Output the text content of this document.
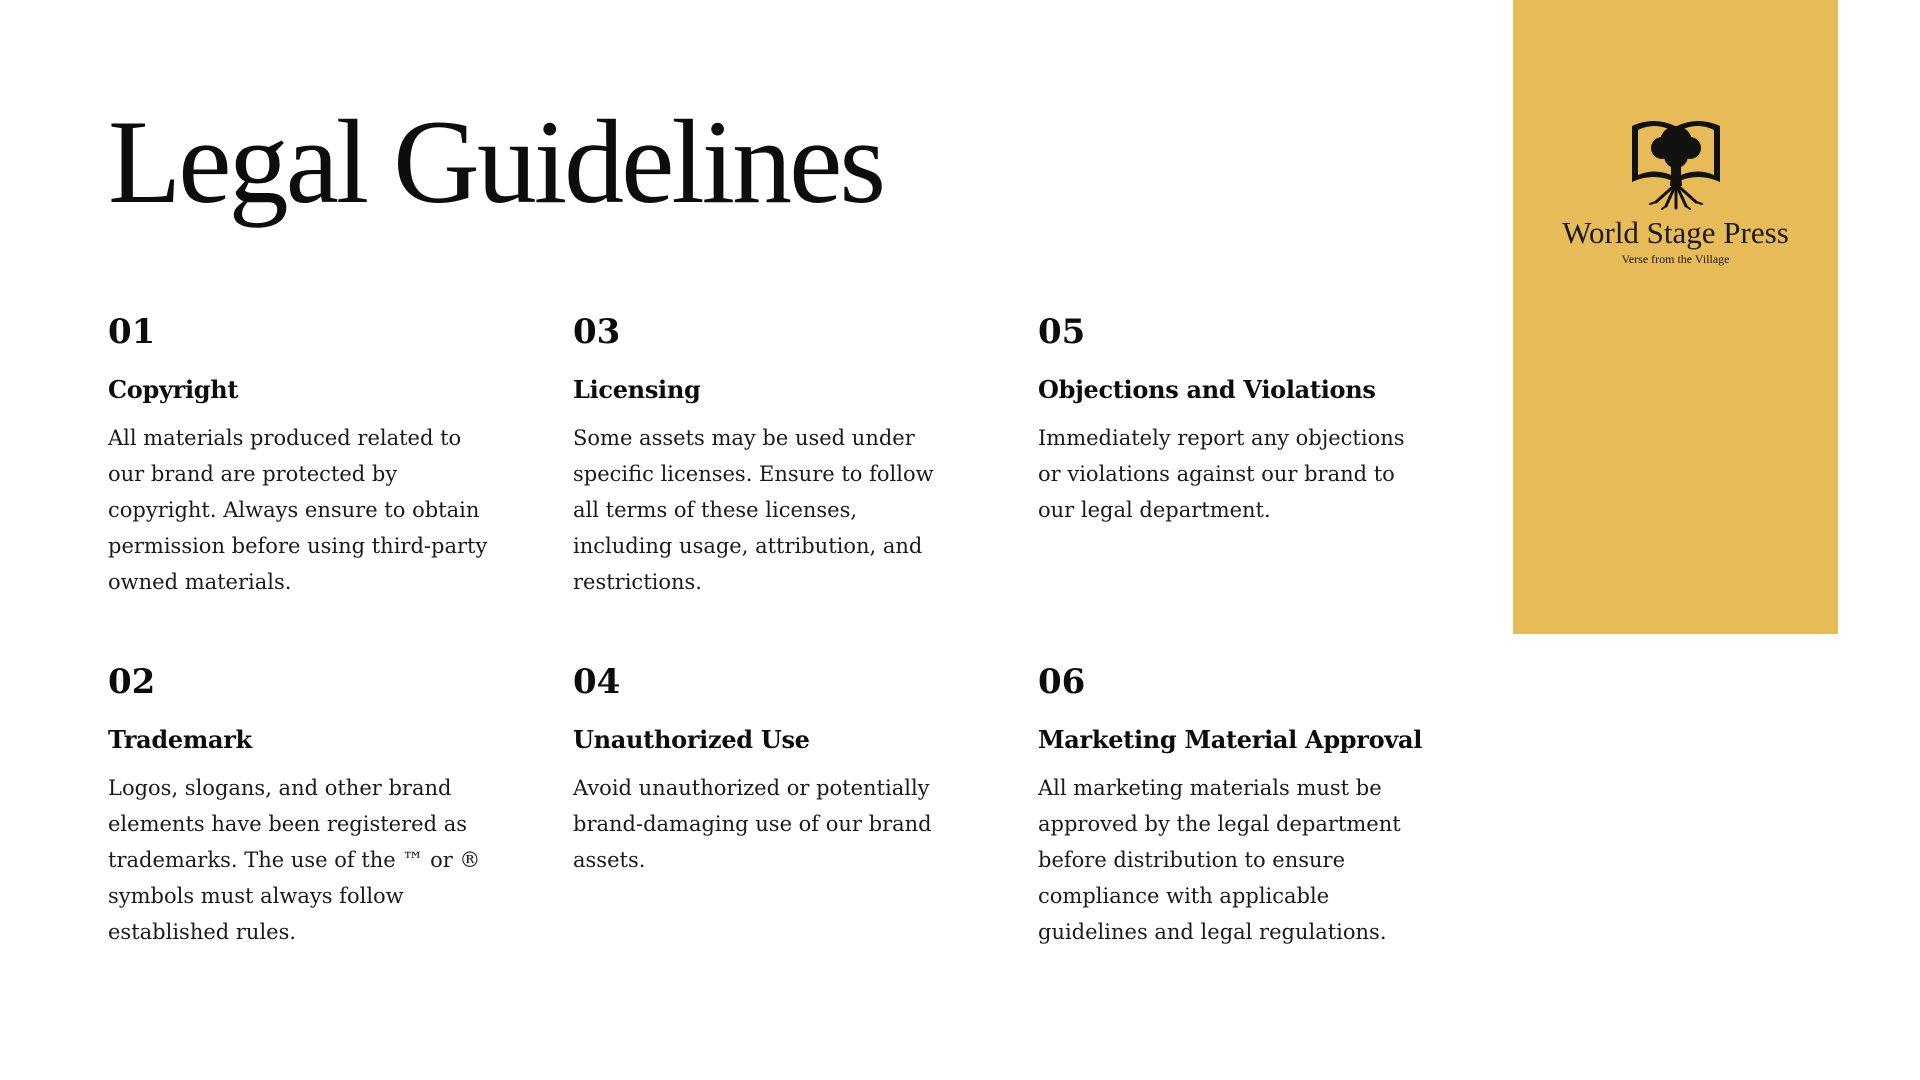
Legal Guidelines
01
Copyright
All materials produced related to our brand are protected by copyright. Always ensure to obtain permission before using third-party owned materials.
02
Trademark
Logos, slogans, and other brand elements have been registered as trademarks. The use of the ™ or ® symbols must always follow established rules.
03
Licensing
Some assets may be used under specific licenses. Ensure to follow all terms of these licenses, including usage, attribution, and restrictions.
04
Unauthorized Use
Avoid unauthorized or potentially brand-damaging use of our brand assets.
05
Objections and Violations
Immediately report any objections or violations against our brand to our legal department.
06
Marketing Material Approval
All marketing materials must be approved by the legal department before distribution to ensure compliance with applicable guidelines and legal regulations.
World Stage Press
Verse from the Village
